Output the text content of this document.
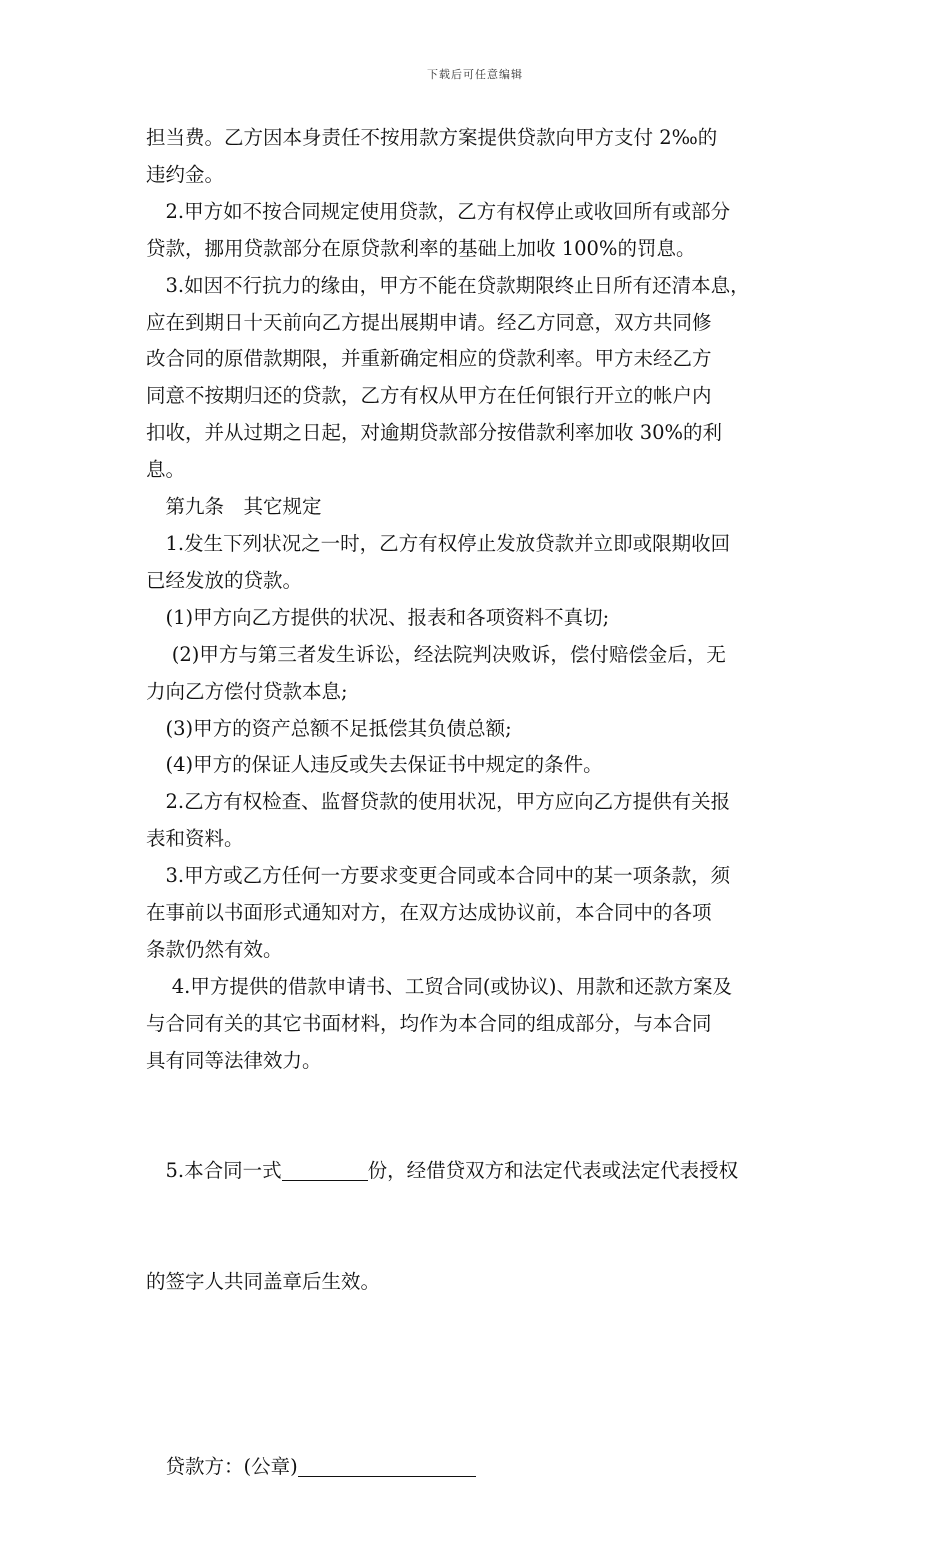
下载后可任意编辑

担当费。乙方因本身责任不按用款方案提供贷款向甲方支付 2‰的
违约金。

　2.甲方如不按合同规定使用贷款，乙方有权停止或收回所有或部分
贷款，挪用贷款部分在原贷款利率的基础上加收 100%的罚息。

　3.如因不行抗力的缘由，甲方不能在贷款期限终止日所有还清本息，
应在到期日十天前向乙方提出展期申请。经乙方同意，双方共同修
改合同的原借款期限，并重新确定相应的贷款利率。甲方未经乙方
同意不按期归还的贷款，乙方有权从甲方在任何银行开立的帐户内
扣收，并从过期之日起，对逾期贷款部分按借款利率加收 30%的利
息。

　第九条　其它规定

　1.发生下列状况之一时，乙方有权停止发放贷款并立即或限期收回
已经发放的贷款。

　(1)甲方向乙方提供的状况、报表和各项资料不真切;

　 (2)甲方与第三者发生诉讼，经法院判决败诉，偿付赔偿金后，无
力向乙方偿付贷款本息;

　(3)甲方的资产总额不足抵偿其负债总额;

　(4)甲方的保证人违反或失去保证书中规定的条件。

　2.乙方有权检查、监督贷款的使用状况，甲方应向乙方提供有关报
表和资料。

　3.甲方或乙方任何一方要求变更合同或本合同中的某一项条款，须
在事前以书面形式通知对方，在双方达成协议前，本合同中的各项
条款仍然有效。

　 4.甲方提供的借款申请书、工贸合同(或协议)、用款和还款方案及
与合同有关的其它书面材料，均作为本合同的组成部分，与本合同
具有同等法律效力。

　5.本合同一式	份，经借贷双方和法定代表或法定代表授权

的签字人共同盖章后生效。

　贷款方：(公章)
